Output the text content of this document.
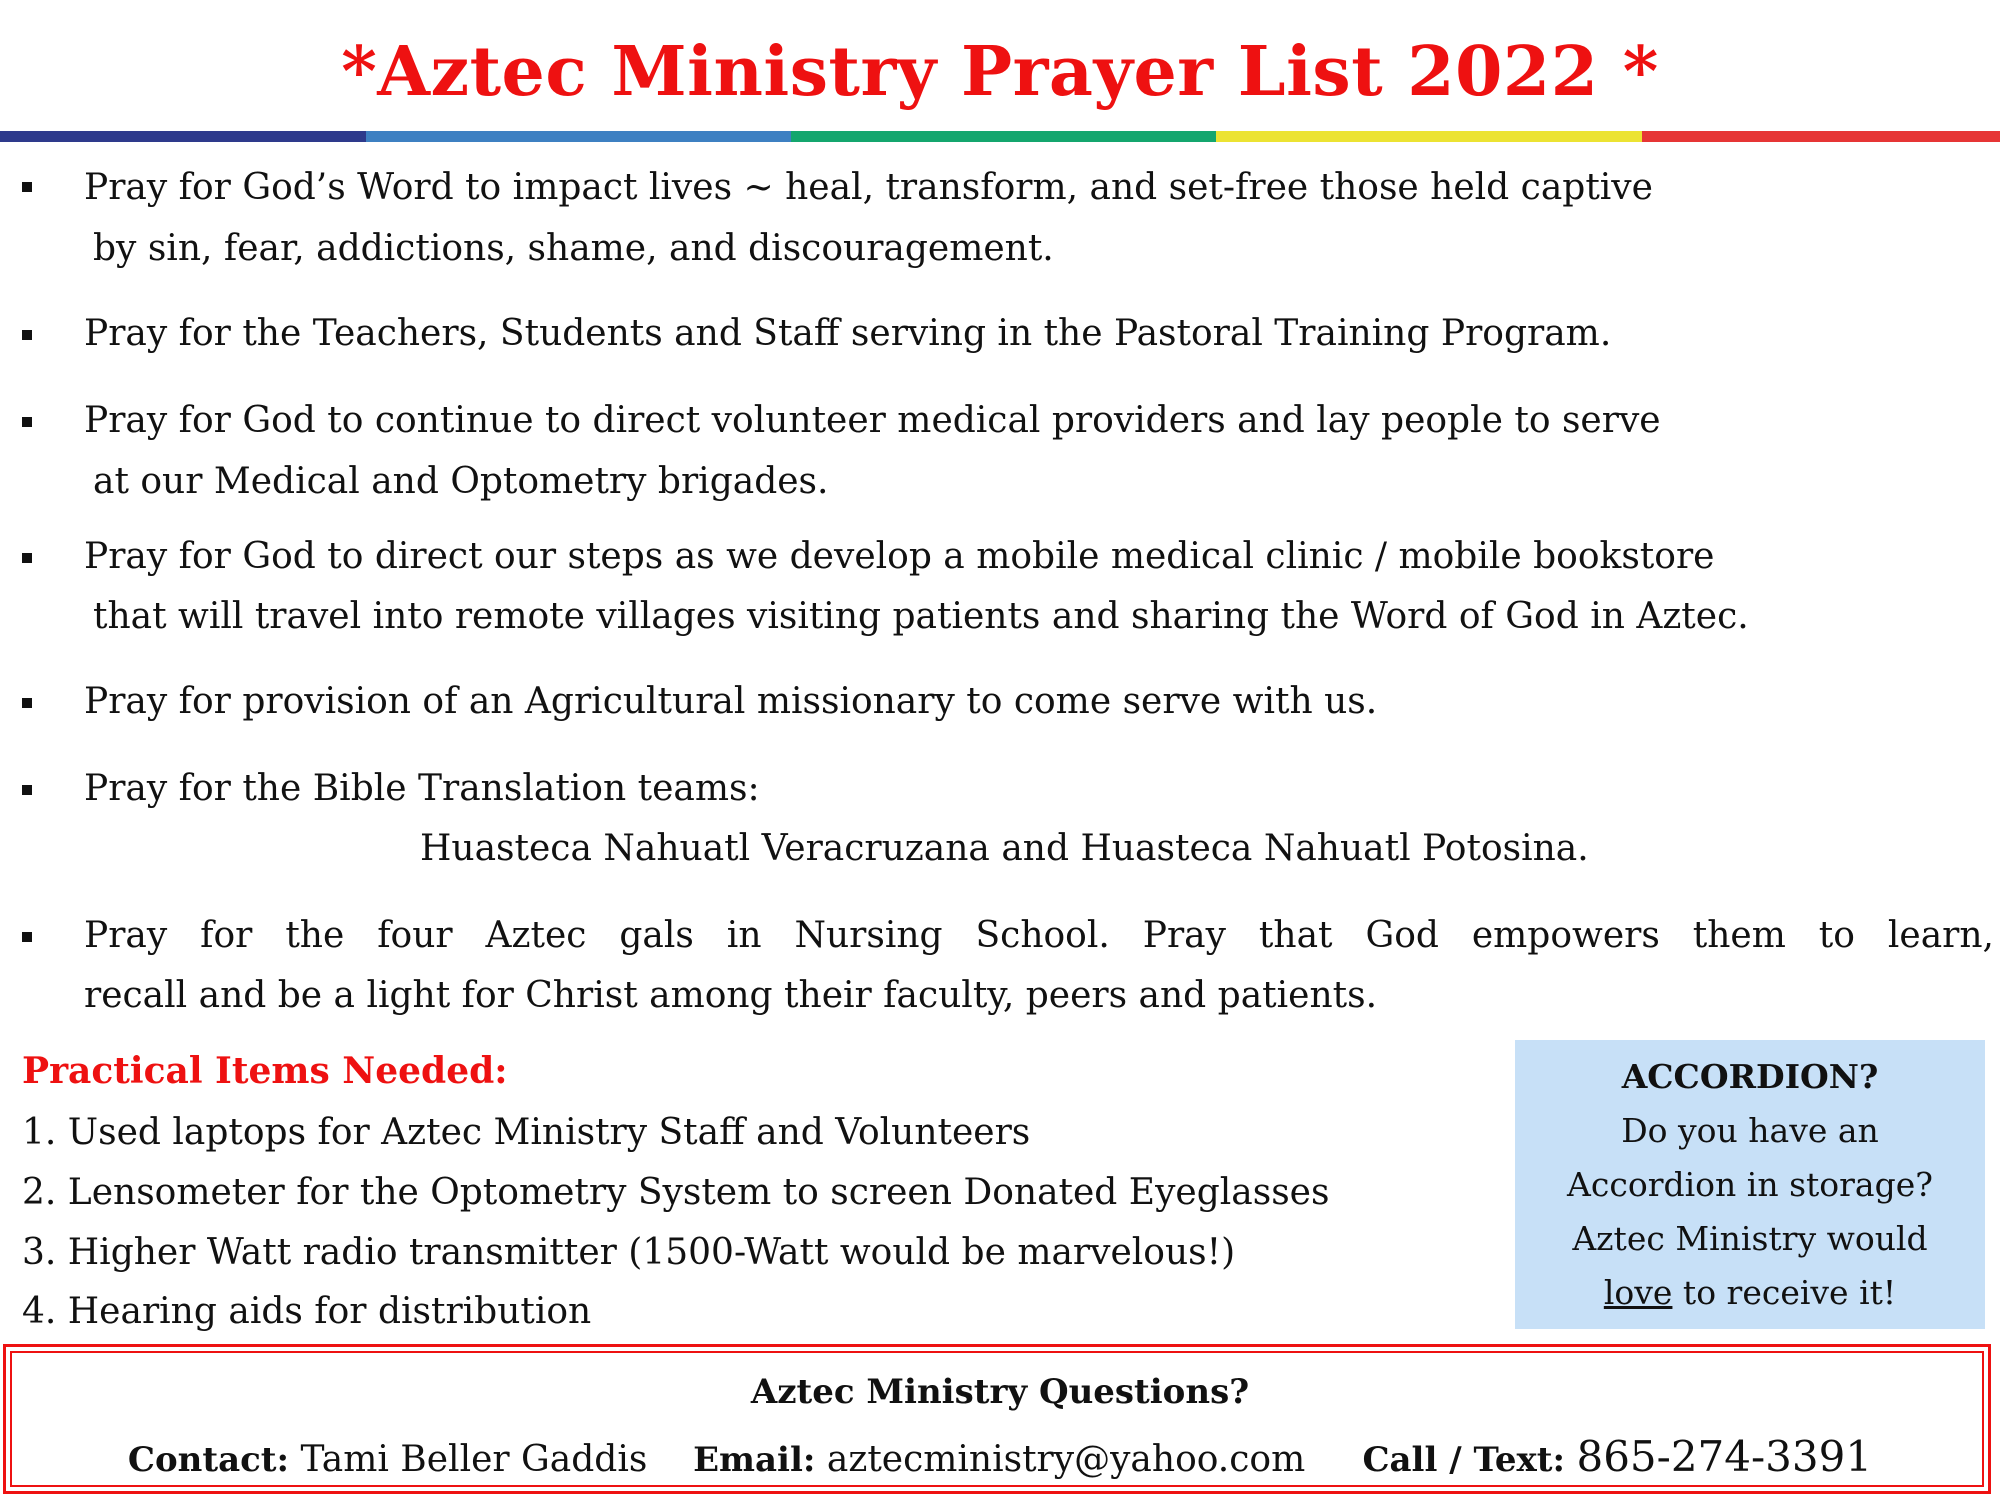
*Aztec Ministry Prayer List 2022 *
Pray for God’s Word to impact lives ~ heal, transform, and set-free those held captive
by sin, fear, addictions, shame, and discouragement.
Pray for the Teachers, Students and Staff serving in the Pastoral Training Program.
Pray for God to continue to direct volunteer medical providers and lay people to serve
at our Medical and Optometry brigades.
Pray for God to direct our steps as we develop a mobile medical clinic / mobile bookstore
that will travel into remote villages visiting patients and sharing the Word of God in Aztec.
Pray for provision of an Agricultural missionary to come serve with us.
Pray for the Bible Translation teams:
Huasteca Nahuatl Veracruzana and Huasteca Nahuatl Potosina.
Pray for the four Aztec gals in Nursing School. Pray that God empowers them to learn,
recall and be a light for Christ among their faculty, peers and patients.
Practical Items Needed:
1. Used laptops for Aztec Ministry Staff and Volunteers
2. Lensometer for the Optometry System to screen Donated Eyeglasses
3. Higher Watt radio transmitter (1500-Watt would be marvelous!)
4. Hearing aids for distribution
ACCORDION?
Do you have an
Accordion in storage?
Aztec Ministry would
love to receive it!
Aztec Ministry Questions?
Contact: Tami Beller Gaddis Email: aztecministry@yahoo.com Call / Text: 865-274-3391
